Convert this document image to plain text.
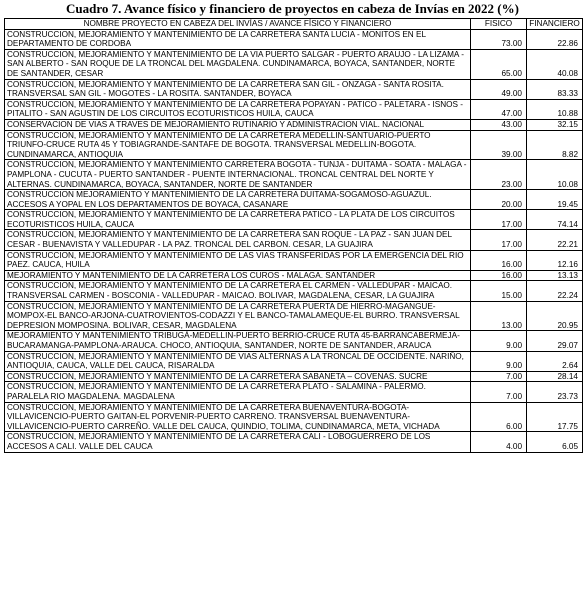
Cuadro 7. Avance físico y financiero de proyectos en cabeza de Invías en 2022 (%)
NOMBRE PROYECTO EN CABEZA DEL INVÍAS / AVANCE FÍSICO Y FINANCIERO	FISICO	FINANCIERO
CONSTRUCCION, MEJORAMIENTO Y MANTENIMIENTO DE LA CARRETERA SANTA LUCIA - MONITOS EN EL DEPARTAMENTO DE CORDOBA	73.00	22.86
CONSTRUCCION, MEJORAMIENTO Y MANTENIMIENTO DE LA VIA PUERTO SALGAR - PUERTO ARAUJO - LA LIZAMA - SAN ALBERTO - SAN ROQUE DE LA TRONCAL DEL MAGDALENA. CUNDINAMARCA, BOYACA, SANTANDER, NORTE DE SANTANDER, CESAR	65.00	40.08
CONSTRUCCION, MEJORAMIENTO Y MANTENIMIENTO DE LA CARRETERA SAN GIL - ONZAGA - SANTA ROSITA. TRANSVERSAL SAN GIL - MOGOTES - LA ROSITA. SANTANDER, BOYACA	49.00	83.33
CONSTRUCCION, MEJORAMIENTO Y MANTENIMIENTO DE LA CARRETERA POPAYAN - PATICO - PALETARA - ISNOS - PITALITO - SAN AGUSTIN DE LOS CIRCUITOS ECOTURISTICOS HUILA, CAUCA	47.00	10.88
CONSERVACION DE VIAS A TRAVES DE MEJORAMIENTO RUTINARIO Y ADMINISTRACION VIAL. NACIONAL	43.00	32.15
CONSTRUCCION, MEJORAMIENTO Y MANTENIMIENTO DE LA CARRETERA MEDELLIN-SANTUARIO-PUERTO TRIUNFO-CRUCE RUTA 45 Y TOBIAGRANDE-SANTAFE DE BOGOTA. TRANSVERSAL MEDELLIN-BOGOTA. CUNDINAMARCA, ANTIOQUIA	39.00	8.82
CONSTRUCCION, MEJORAMIENTO Y MANTENIMIENTO CARRETERA BOGOTA - TUNJA - DUITAMA - SOATA - MALAGA - PAMPLONA - CUCUTA - PUERTO SANTANDER - PUENTE INTERNACIONAL. TRONCAL CENTRAL DEL NORTE Y ALTERNAS. CUNDINAMARCA, BOYACA, SANTANDER, NORTE DE SANTANDER	23.00	10.08
CONSTRUCCION MEJORAMIENTO Y MANTENIMIENTO DE LA CARRETERA DUITAMA-SOGAMOSO-AGUAZUL. ACCESOS A YOPAL EN LOS DEPARTAMENTOS DE BOYACA, CASANARE	20.00	19.45
CONSTRUCCION, MEJORAMIENTO Y MANTENIMIENTO DE LA CARRETERA PATICO - LA PLATA DE LOS CIRCUITOS ECOTURISTICOS HUILA, CAUCA	17.00	74.14
CONSTRUCCION, MEJORAMIENTO Y MANTENIMIENTO DE LA CARRETERA SAN ROQUE - LA PAZ - SAN JUAN DEL CESAR - BUENAVISTA Y VALLEDUPAR - LA PAZ. TRONCAL DEL CARBON. CESAR, LA GUAJIRA	17.00	22.21
CONSTRUCCION, MEJORAMIENTO Y MANTENIMIENTO DE LAS VIAS TRANSFERIDAS POR LA EMERGENCIA DEL RIO PAEZ. CAUCA, HUILA	16.00	12.16
MEJORAMIENTO Y MANTENIMIENTO DE LA CARRETERA LOS CUROS - MALAGA. SANTANDER	16.00	13.13
CONSTRUCCION, MEJORAMIENTO Y MANTENIMIENTO DE LA CARRETERA EL CARMEN - VALLEDUPAR - MAICAO. TRANSVERSAL CARMEN - BOSCONIA - VALLEDUPAR - MAICAO. BOLIVAR, MAGDALENA, CESAR, LA GUAJIRA	15.00	22.24
CONSTRUCCION, MEJORAMIENTO Y MANTENIMIENTO DE LA CARRETERA PUERTA DE HIERRO-MAGANGUE- MOMPOX-EL BANCO-ARJONA-CUATROVIENTOS-CODAZZI Y EL BANCO-TAMALAMEQUE-EL BURRO. TRANSVERSAL DEPRESION MOMPOSINA. BOLIVAR, CESAR, MAGDALENA	13.00	20.95
MEJORAMIENTO Y MANTENIMIENTO TRIBUGÁ-MEDELLIN-PUERTO BERRIO-CRUCE RUTA 45-BARRANCABERMEJA-BUCARAMANGA-PAMPLONA-ARAUCA. CHOCO, ANTIOQUIA, SANTANDER, NORTE DE SANTANDER, ARAUCA	9.00	29.07
CONSTRUCCION, MEJORAMIENTO Y MANTENIMIENTO DE VIAS ALTERNAS A LA TRONCAL DE OCCIDENTE. NARIÑO, ANTIOQUIA, CAUCA, VALLE DEL CAUCA, RISARALDA	9.00	2.64
CONSTRUCCION, MEJORAMIENTO Y MANTENIMIENTO DE LA CARRETERA SABANETA – COVENAS. SUCRE	7.00	28.14
CONSTRUCCION, MEJORAMIENTO Y MANTENIMIENTO DE LA CARRETERA PLATO - SALAMINA - PALERMO. PARALELA RIO MAGDALENA. MAGDALENA	7.00	23.73
CONSTRUCCION, MEJORAMIENTO Y MANTENIMIENTO DE LA CARRETERA BUENAVENTURA-BOGOTA-VILLAVICENCIO-PUERTO GAITAN-EL PORVENIR-PUERTO CARRENO. TRANSVERSAL BUENAVENTURA-VILLAVICENCIO-PUERTO CARREÑO. VALLE DEL CAUCA, QUINDIO, TOLIMA, CUNDINAMARCA, META, VICHADA	6.00	17.75
CONSTRUCCION, MEJORAMIENTO Y MANTENIMIENTO DE LA CARRETERA CALI - LOBOGUERRERO DE LOS ACCESOS A CALI. VALLE DEL CAUCA	4.00	6.05
